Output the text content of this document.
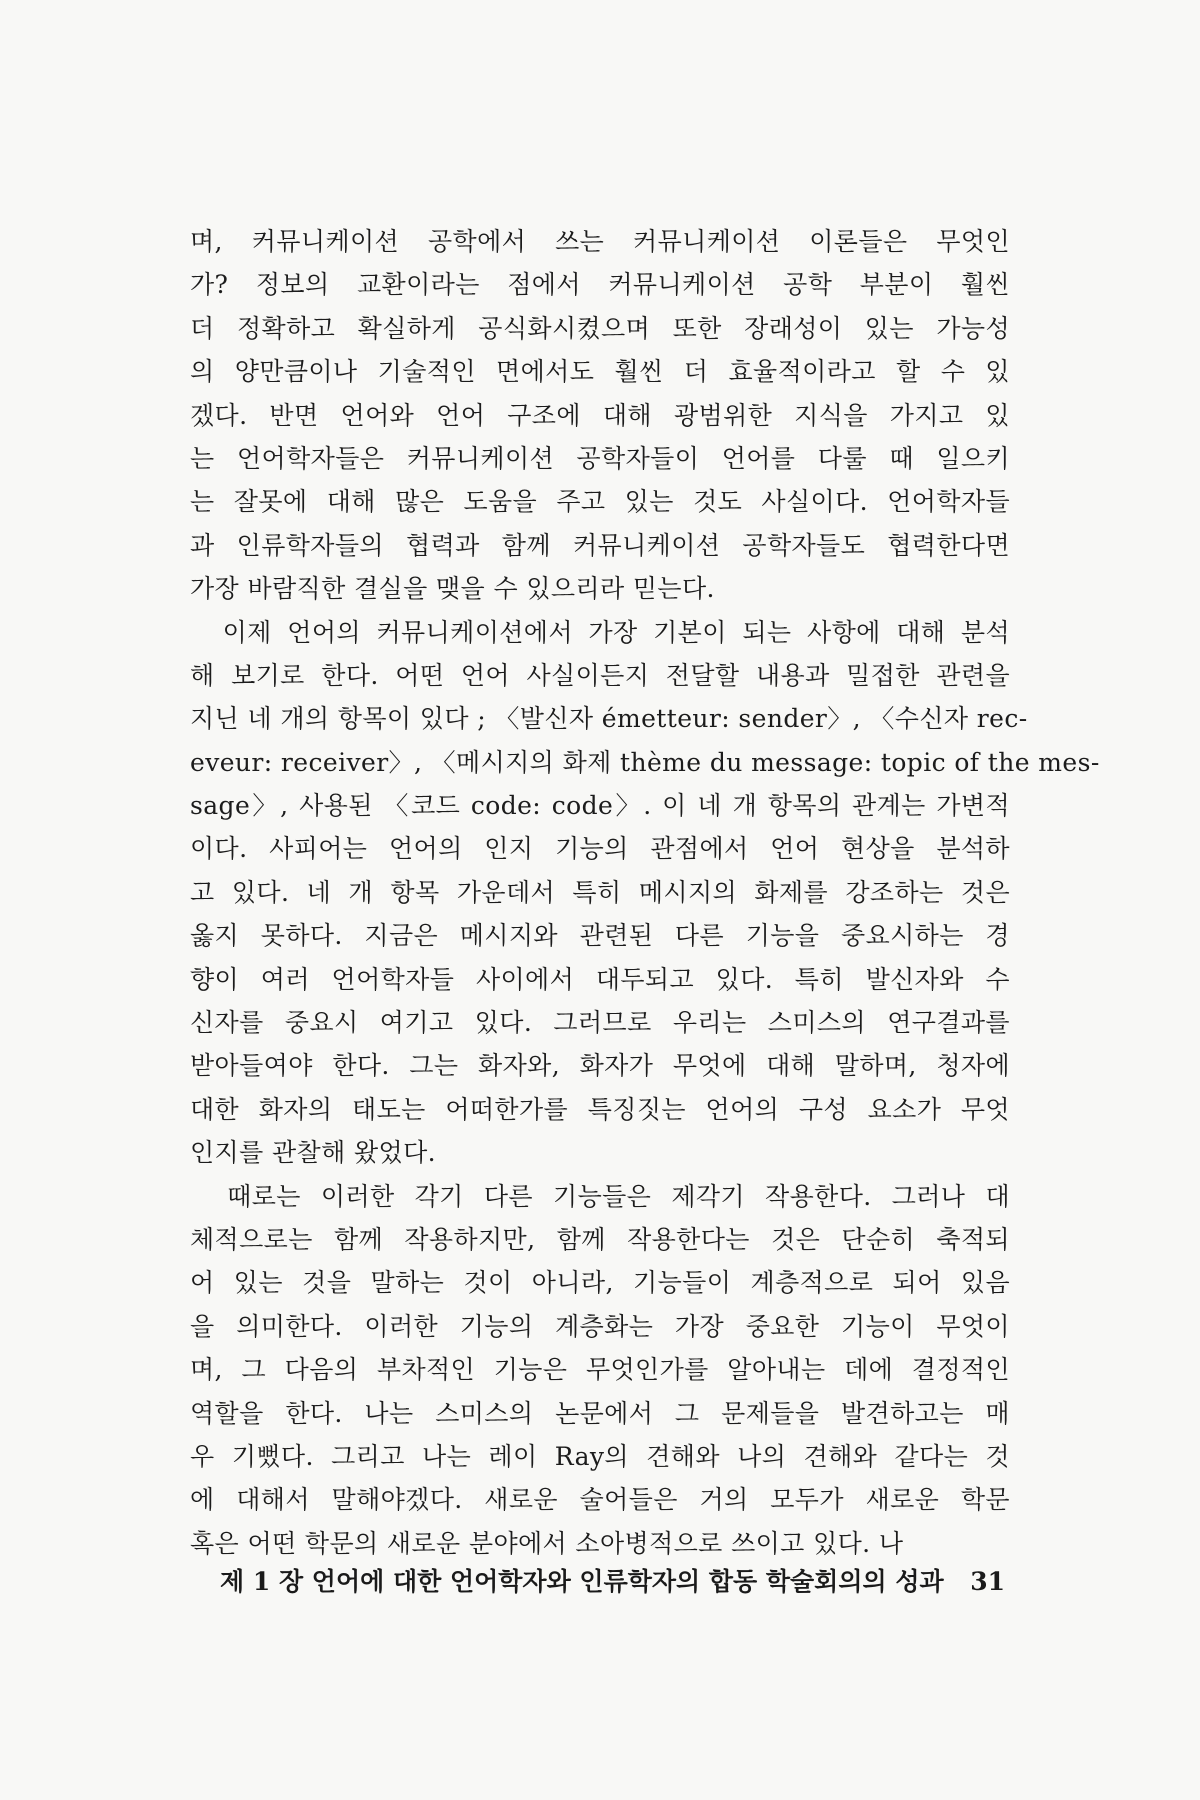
며, 커뮤니케이션 공학에서 쓰는 커뮤니케이션 이론들은 무엇인
가? 정보의 교환이라는 점에서 커뮤니케이션 공학 부분이 훨씬
더 정확하고 확실하게 공식화시켰으며 또한 장래성이 있는 가능성
의 양만큼이나 기술적인 면에서도 훨씬 더 효율적이라고 할 수 있
겠다. 반면 언어와 언어 구조에 대해 광범위한 지식을 가지고 있
는 언어학자들은 커뮤니케이션 공학자들이 언어를 다룰 때 일으키
는 잘못에 대해 많은 도움을 주고 있는 것도 사실이다. 언어학자들
과 인류학자들의 협력과 함께 커뮤니케이션 공학자들도 협력한다면
가장 바람직한 결실을 맺을 수 있으리라 믿는다.
　이제 언어의 커뮤니케이션에서 가장 기본이 되는 사항에 대해 분석
해 보기로 한다. 어떤 언어 사실이든지 전달할 내용과 밀접한 관련을
지닌 네 개의 항목이 있다 ; 〈발신자 émetteur: sender〉, 〈수신자 rec-
eveur: receiver〉, 〈메시지의 화제 thème du message: topic of the mes-
sage〉, 사용된 〈코드 code: code〉. 이 네 개 항목의 관계는 가변적
이다. 사피어는 언어의 인지 기능의 관점에서 언어 현상을 분석하
고 있다. 네 개 항목 가운데서 특히 메시지의 화제를 강조하는 것은
옳지 못하다. 지금은 메시지와 관련된 다른 기능을 중요시하는 경
향이 여러 언어학자들 사이에서 대두되고 있다. 특히 발신자와 수
신자를 중요시 여기고 있다. 그러므로 우리는 스미스의 연구결과를
받아들여야 한다. 그는 화자와, 화자가 무엇에 대해 말하며, 청자에
대한 화자의 태도는 어떠한가를 특징짓는 언어의 구성 요소가 무엇
인지를 관찰해 왔었다.
　때로는 이러한 각기 다른 기능들은 제각기 작용한다. 그러나 대
체적으로는 함께 작용하지만, 함께 작용한다는 것은 단순히 축적되
어 있는 것을 말하는 것이 아니라, 기능들이 계층적으로 되어 있음
을 의미한다. 이러한 기능의 계층화는 가장 중요한 기능이 무엇이
며, 그 다음의 부차적인 기능은 무엇인가를 알아내는 데에 결정적인
역할을 한다. 나는 스미스의 논문에서 그 문제들을 발견하고는 매
우 기뻤다. 그리고 나는 레이 Ray의 견해와 나의 견해와 같다는 것
에 대해서 말해야겠다. 새로운 술어들은 거의 모두가 새로운 학문
혹은 어떤 학문의 새로운 분야에서 소아병적으로 쓰이고 있다. 나
제 1 장 언어에 대한 언어학자와 인류학자의 합동 학술회의의 성과 31
